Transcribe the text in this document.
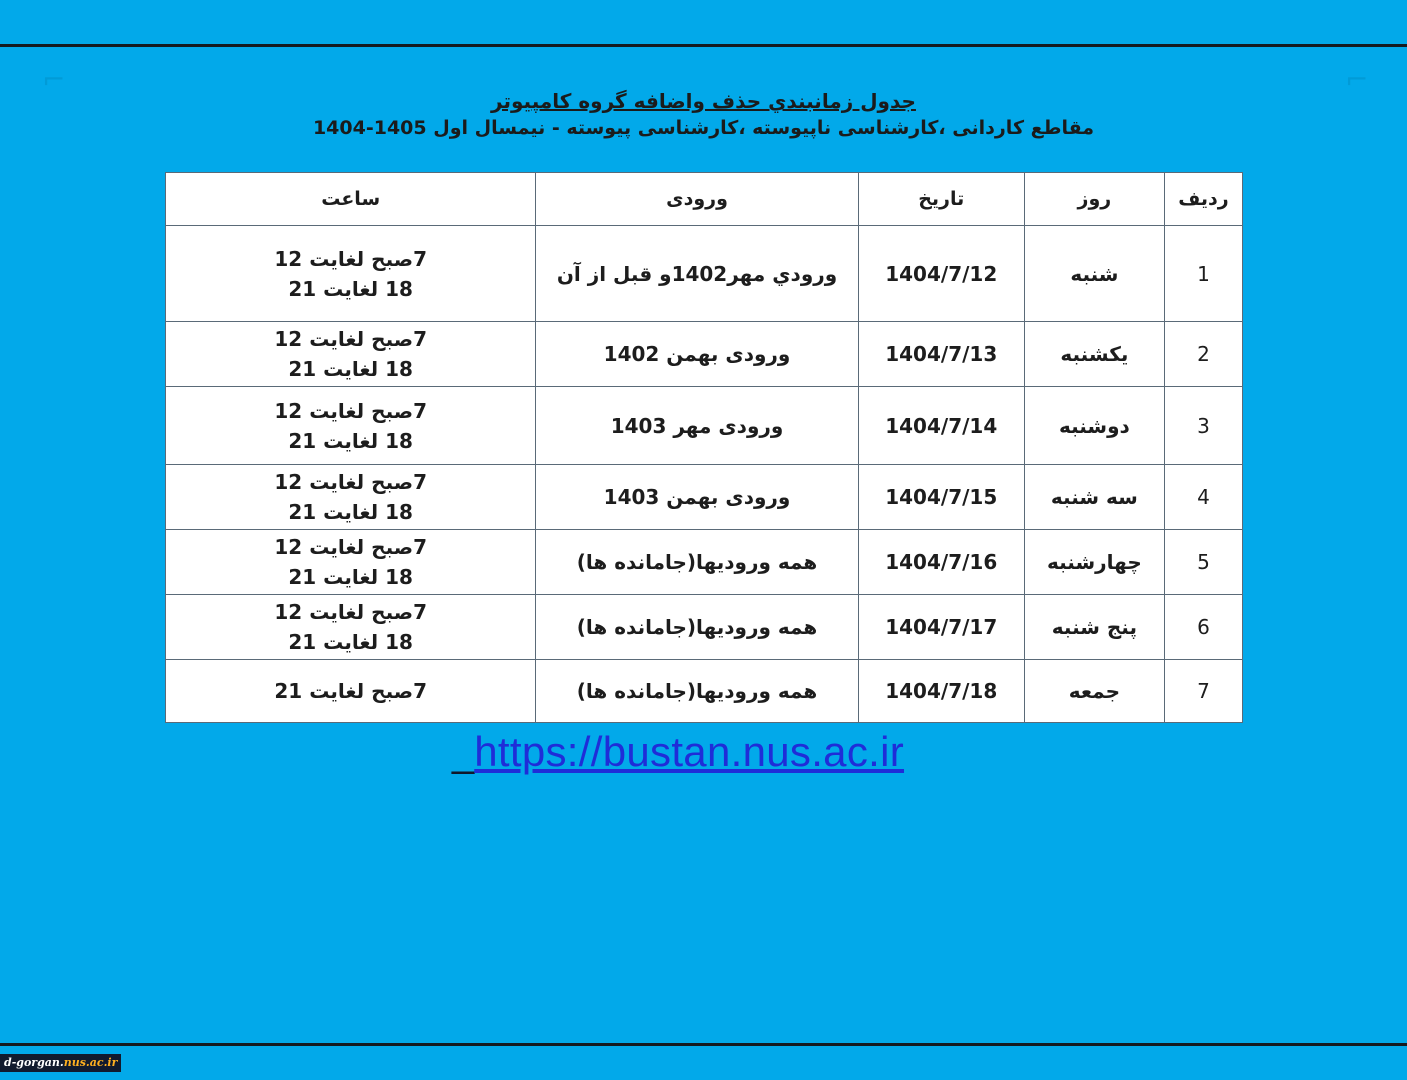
⌐	⌐
جدول زمانبندي حذف واضافه گروه کامپیوتر
مقاطع کاردانی ،کارشناسی ناپیوسته ،کارشناسی پیوسته - نیمسال اول 1405-1404
ردیف	روز	تاریخ	ورودی	ساعت
1	شنبه	1404/7/12	ورودي مهر1402و قبل از آن	7صبح لغایت 12
18 لغایت 21

2	یکشنبه	1404/7/13	ورودی بهمن 1402	7صبح لغایت 12
18 لغایت 21

3	دوشنبه	1404/7/14	ورودی مهر 1403	7صبح لغایت 12
18 لغایت 21

4	سه شنبه	1404/7/15	ورودی بهمن 1403	7صبح لغایت 12
18 لغایت 21

5	چهارشنبه	1404/7/16	همه ورودیها(جامانده ها)	7صبح لغایت 12
18 لغایت 21

6	پنج شنبه	1404/7/17	همه ورودیها(جامانده ها)	7صبح لغایت 12
18 لغایت 21

7	جمعه	1404/7/18	همه ورودیها(جامانده ها)	7صبح لغایت 21
_https://bustan.nus.ac.ir
d-gorgan.nus.ac.ir
